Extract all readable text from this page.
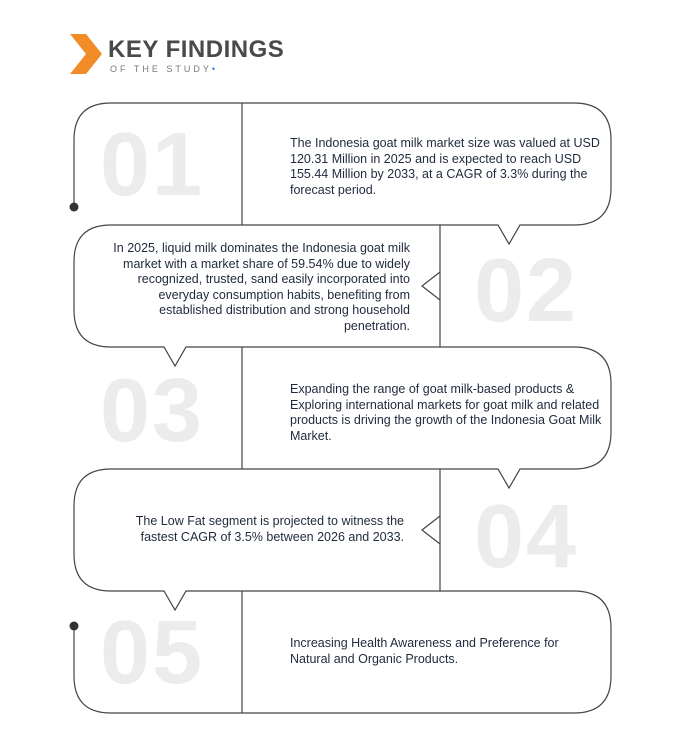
KEY FINDINGS
OF THE STUDY•
01	The Indonesia goat milk market size was valued at USD 120.31 Million in 2025 and is expected to reach USD 155.44 Million by 2033, at a CAGR of 3.3% during the forecast period.
02
In 2025, liquid milk dominates the Indonesia goat milk market with a market share of 59.54% due to widely recognized, trusted, sand easily incorporated into everyday consumption habits, benefiting from established distribution and strong household penetration.
03	Expanding the range of goat milk-based products & Exploring international markets for goat milk and related products is driving the growth of the Indonesia Goat Milk Market.
04
The Low Fat segment is projected to witness the fastest CAGR of 3.5% between 2026 and 2033.
05	Increasing Health Awareness and Preference for Natural and Organic Products.
